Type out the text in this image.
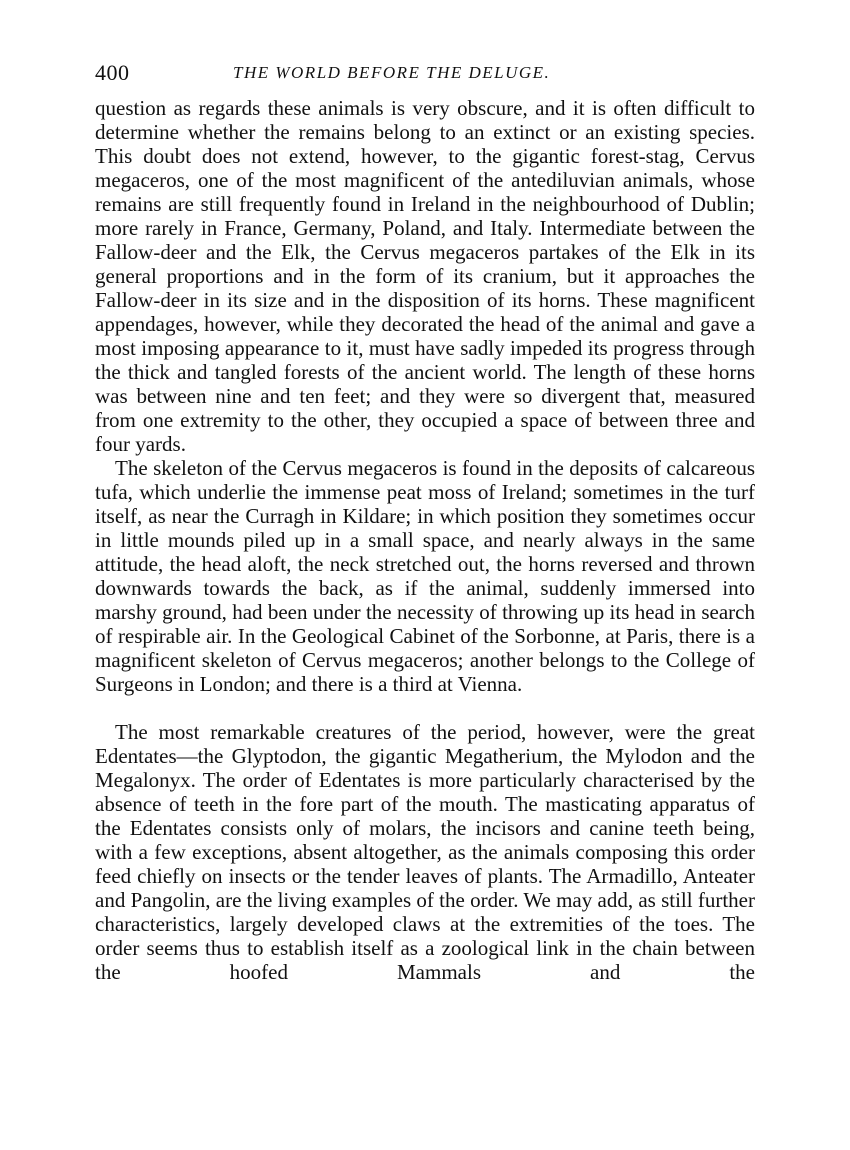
400	THE WORLD BEFORE THE DELUGE.

question as regards these animals is very obscure, and it is often difficult to determine whether the remains belong to an extinct or an existing species. This doubt does not extend, however, to the gigantic forest-stag, Cervus megaceros, one of the most magnificent of the antediluvian animals, whose remains are still frequently found in Ireland in the neighbourhood of Dublin; more rarely in France, Germany, Poland, and Italy. Intermediate between the Fallow-deer and the Elk, the Cervus megaceros partakes of the Elk in its general proportions and in the form of its cranium, but it approaches the Fallow-deer in its size and in the disposition of its horns. These magnificent appendages, however, while they decorated the head of the animal and gave a most imposing appearance to it, must have sadly impeded its progress through the thick and tangled forests of the ancient world. The length of these horns was between nine and ten feet; and they were so divergent that, measured from one extremity to the other, they occupied a space of between three and four yards.

The skeleton of the Cervus megaceros is found in the deposits of calcareous tufa, which underlie the immense peat moss of Ireland; sometimes in the turf itself, as near the Curragh in Kildare; in which position they sometimes occur in little mounds piled up in a small space, and nearly always in the same attitude, the head aloft, the neck stretched out, the horns reversed and thrown downwards towards the back, as if the animal, suddenly immersed into marshy ground, had been under the necessity of throwing up its head in search of respirable air. In the Geological Cabinet of the Sorbonne, at Paris, there is a magnificent skeleton of Cervus megaceros; another belongs to the College of Surgeons in London; and there is a third at Vienna.

The most remarkable creatures of the period, however, were the great Edentates—the Glyptodon, the gigantic Megatherium, the Mylodon and the Megalonyx. The order of Edentates is more particularly characterised by the absence of teeth in the fore part of the mouth. The masticating apparatus of the Edentates consists only of molars, the incisors and canine teeth being, with a few exceptions, absent altogether, as the animals composing this order feed chiefly on insects or the tender leaves of plants. The Armadillo, Anteater and Pangolin, are the living examples of the order. We may add, as still further characteristics, largely developed claws at the extremities of the toes. The order seems thus to establish itself as a zoological link in the chain between the hoofed Mammals and the
